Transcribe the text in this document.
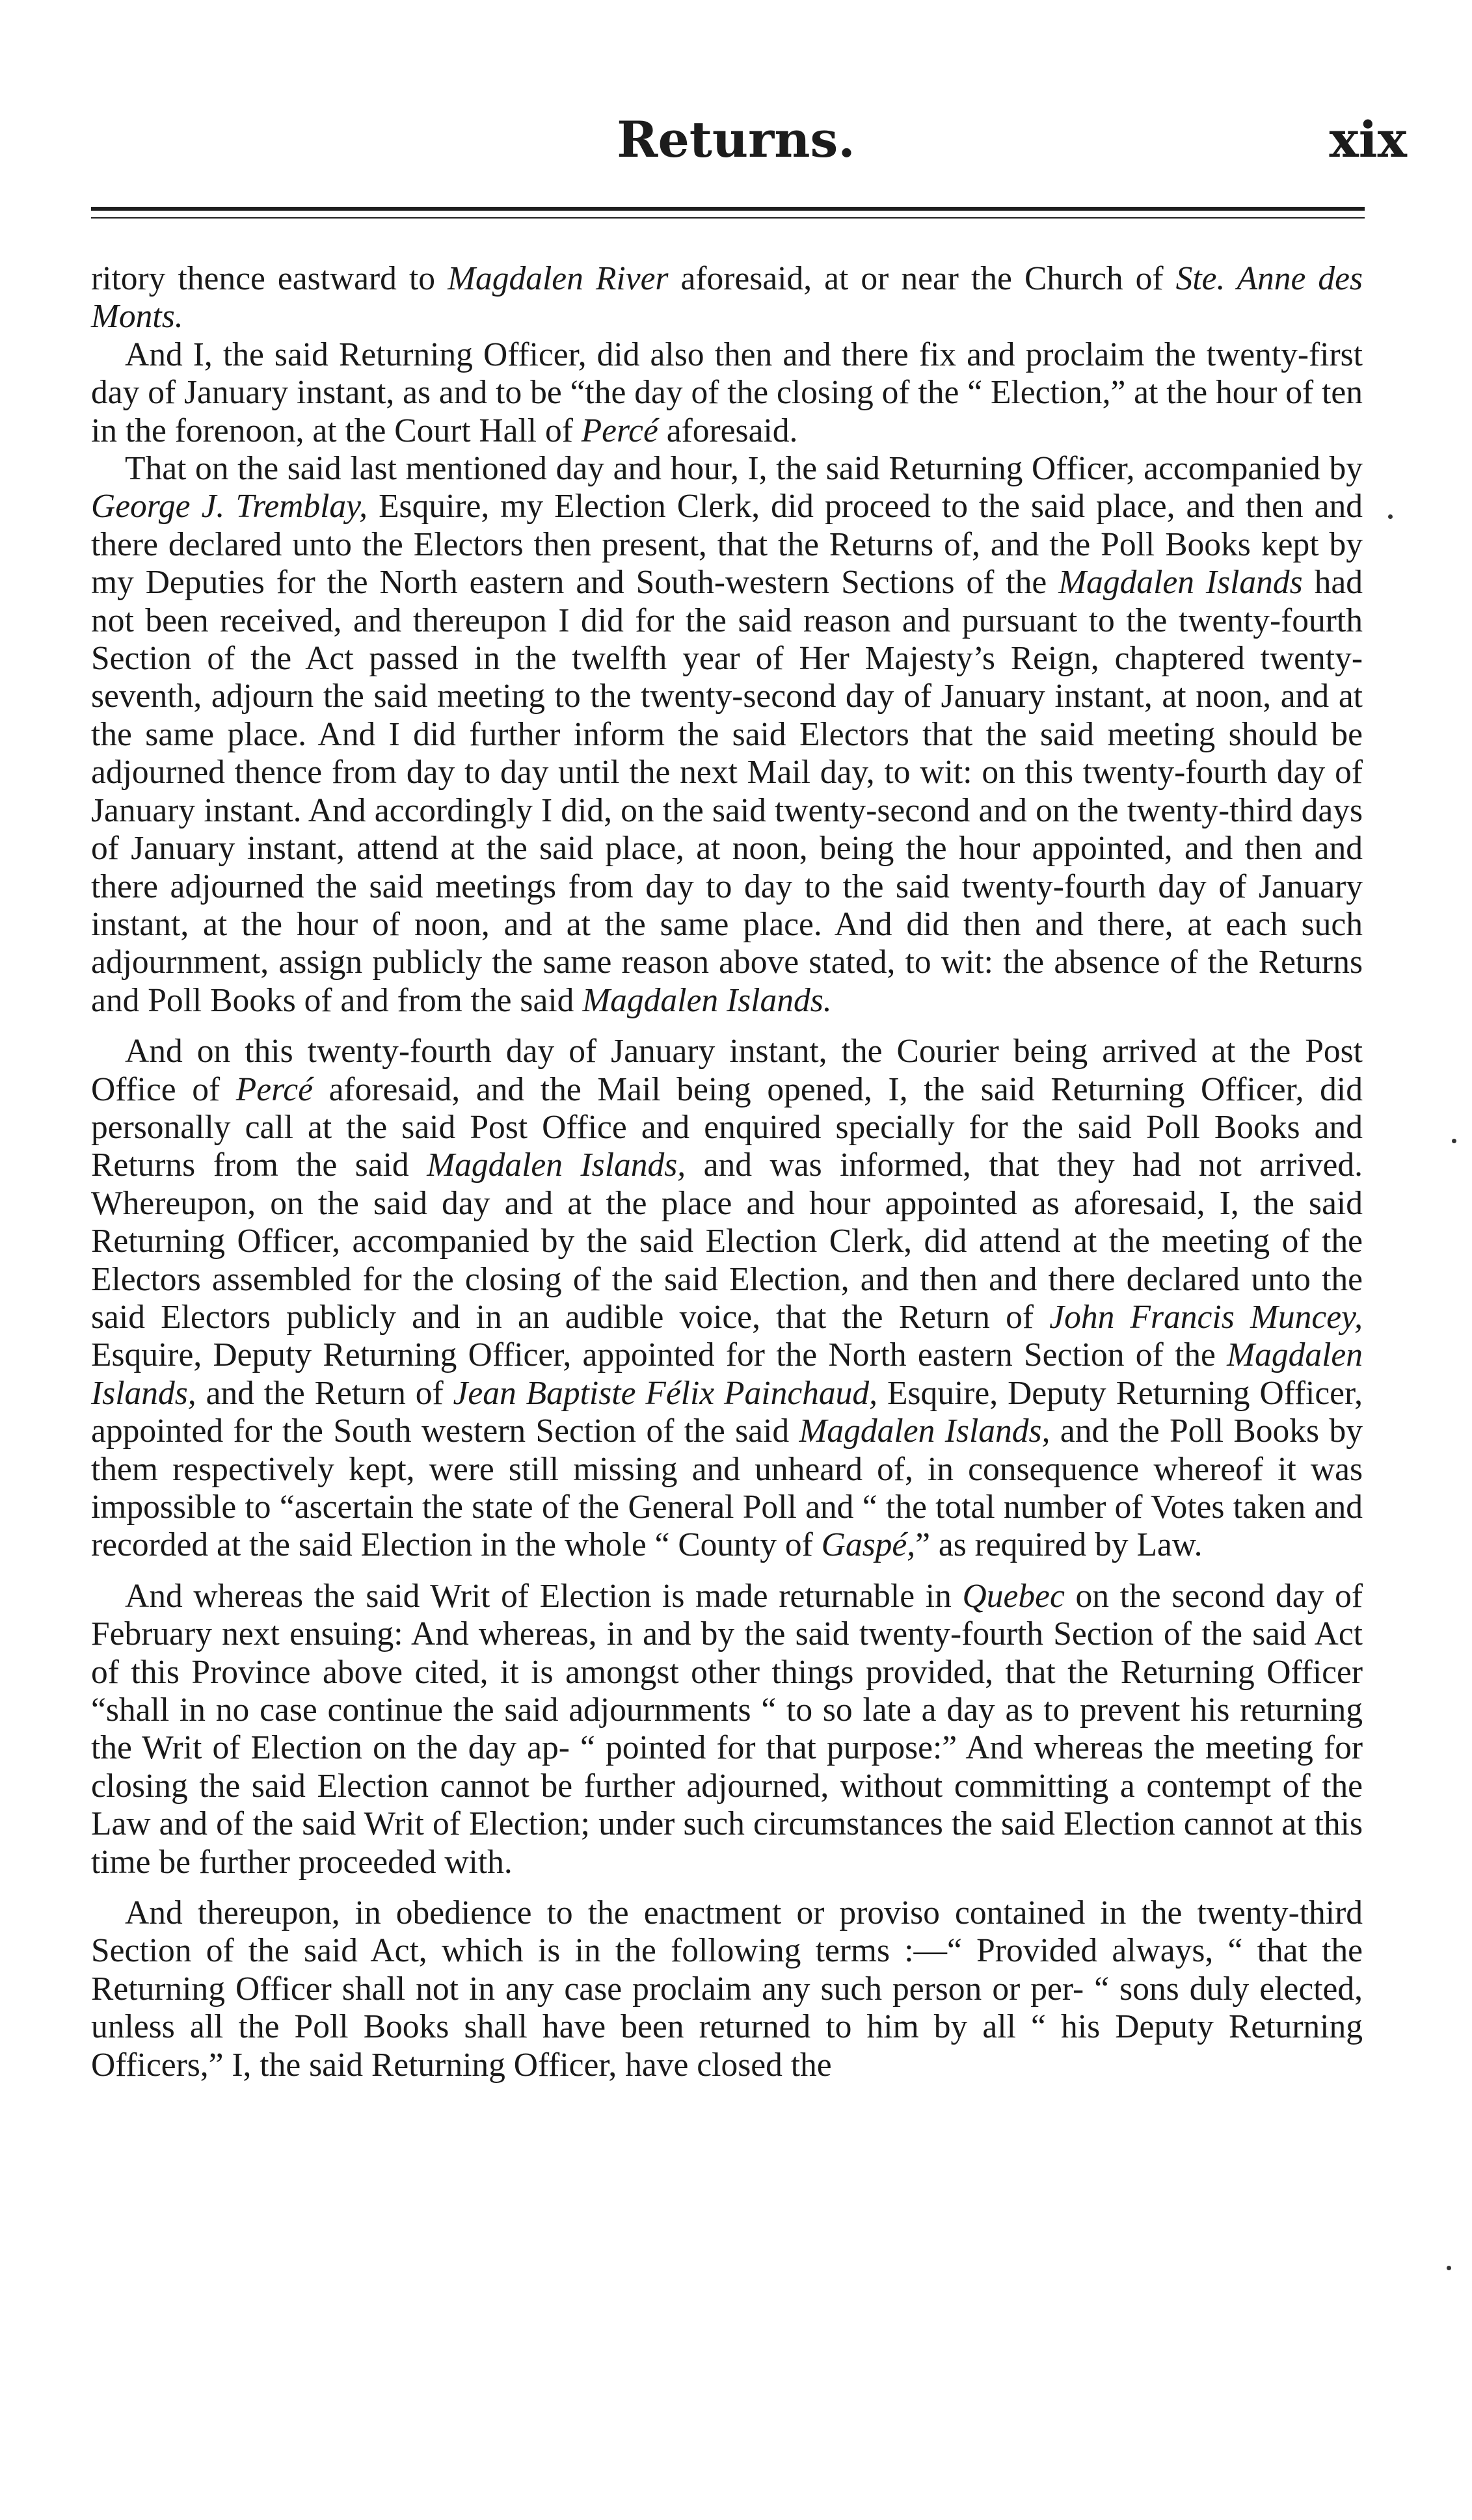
Returns.	xix

ritory thence eastward to Magdalen River aforesaid, at or near the Church of Ste. Anne des Monts.

And I, the said Returning Officer, did also then and there fix and proclaim the twenty-first day of January instant, as and to be “the day of the closing of the “ Election,” at the hour of ten in the forenoon, at the Court Hall of Percé aforesaid.

That on the said last mentioned day and hour, I, the said Returning Officer, accompanied by George J. Tremblay, Esquire, my Election Clerk, did proceed to the said place, and then and there declared unto the Electors then present, that the Returns of, and the Poll Books kept by my Deputies for the North eastern and South-western Sections of the Magdalen Islands had not been received, and thereupon I did for the said reason and pursuant to the twenty-fourth Section of the Act passed in the twelfth year of Her Majesty’s Reign, chaptered twenty-seventh, adjourn the said meeting to the twenty-second day of January instant, at noon, and at the same place. And I did further inform the said Electors that the said meeting should be adjourned thence from day to day until the next Mail day, to wit: on this twenty-fourth day of January instant. And accordingly I did, on the said twenty-second and on the twenty-third days of January instant, attend at the said place, at noon, being the hour appointed, and then and there adjourned the said meetings from day to day to the said twenty-fourth day of January instant, at the hour of noon, and at the same place. And did then and there, at each such adjournment, assign publicly the same reason above stated, to wit: the absence of the Returns and Poll Books of and from the said Magdalen Islands.

And on this twenty-fourth day of January instant, the Courier being arrived at the Post Office of Percé aforesaid, and the Mail being opened, I, the said Returning Officer, did personally call at the said Post Office and enquired specially for the said Poll Books and Returns from the said Magdalen Islands, and was informed, that they had not arrived. Whereupon, on the said day and at the place and hour appointed as aforesaid, I, the said Returning Officer, accompanied by the said Election Clerk, did attend at the meeting of the Electors assembled for the closing of the said Election, and then and there declared unto the said Electors publicly and in an audible voice, that the Return of John Francis Muncey, Esquire, Deputy Returning Officer, appointed for the North eastern Section of the Magdalen Islands, and the Return of Jean Baptiste Félix Painchaud, Esquire, Deputy Returning Officer, appointed for the South western Section of the said Magdalen Islands, and the Poll Books by them respectively kept, were still missing and unheard of, in consequence whereof it was impossible to “ascertain the state of the General Poll and “ the total number of Votes taken and recorded at the said Election in the whole “ County of Gaspé,” as required by Law.

And whereas the said Writ of Election is made returnable in Quebec on the second day of February next ensuing: And whereas, in and by the said twenty-fourth Section of the said Act of this Province above cited, it is amongst other things provided, that the Returning Officer “shall in no case continue the said adjournments “ to so late a day as to prevent his returning the Writ of Election on the day ap- “ pointed for that purpose:” And whereas the meeting for closing the said Election cannot be further adjourned, without committing a contempt of the Law and of the said Writ of Election; under such circumstances the said Election cannot at this time be further proceeded with.

And thereupon, in obedience to the enactment or proviso contained in the twenty-third Section of the said Act, which is in the following terms :—“ Provided always, “ that the Returning Officer shall not in any case proclaim any such person or per- “ sons duly elected, unless all the Poll Books shall have been returned to him by all “ his Deputy Returning Officers,” I, the said Returning Officer, have closed the
